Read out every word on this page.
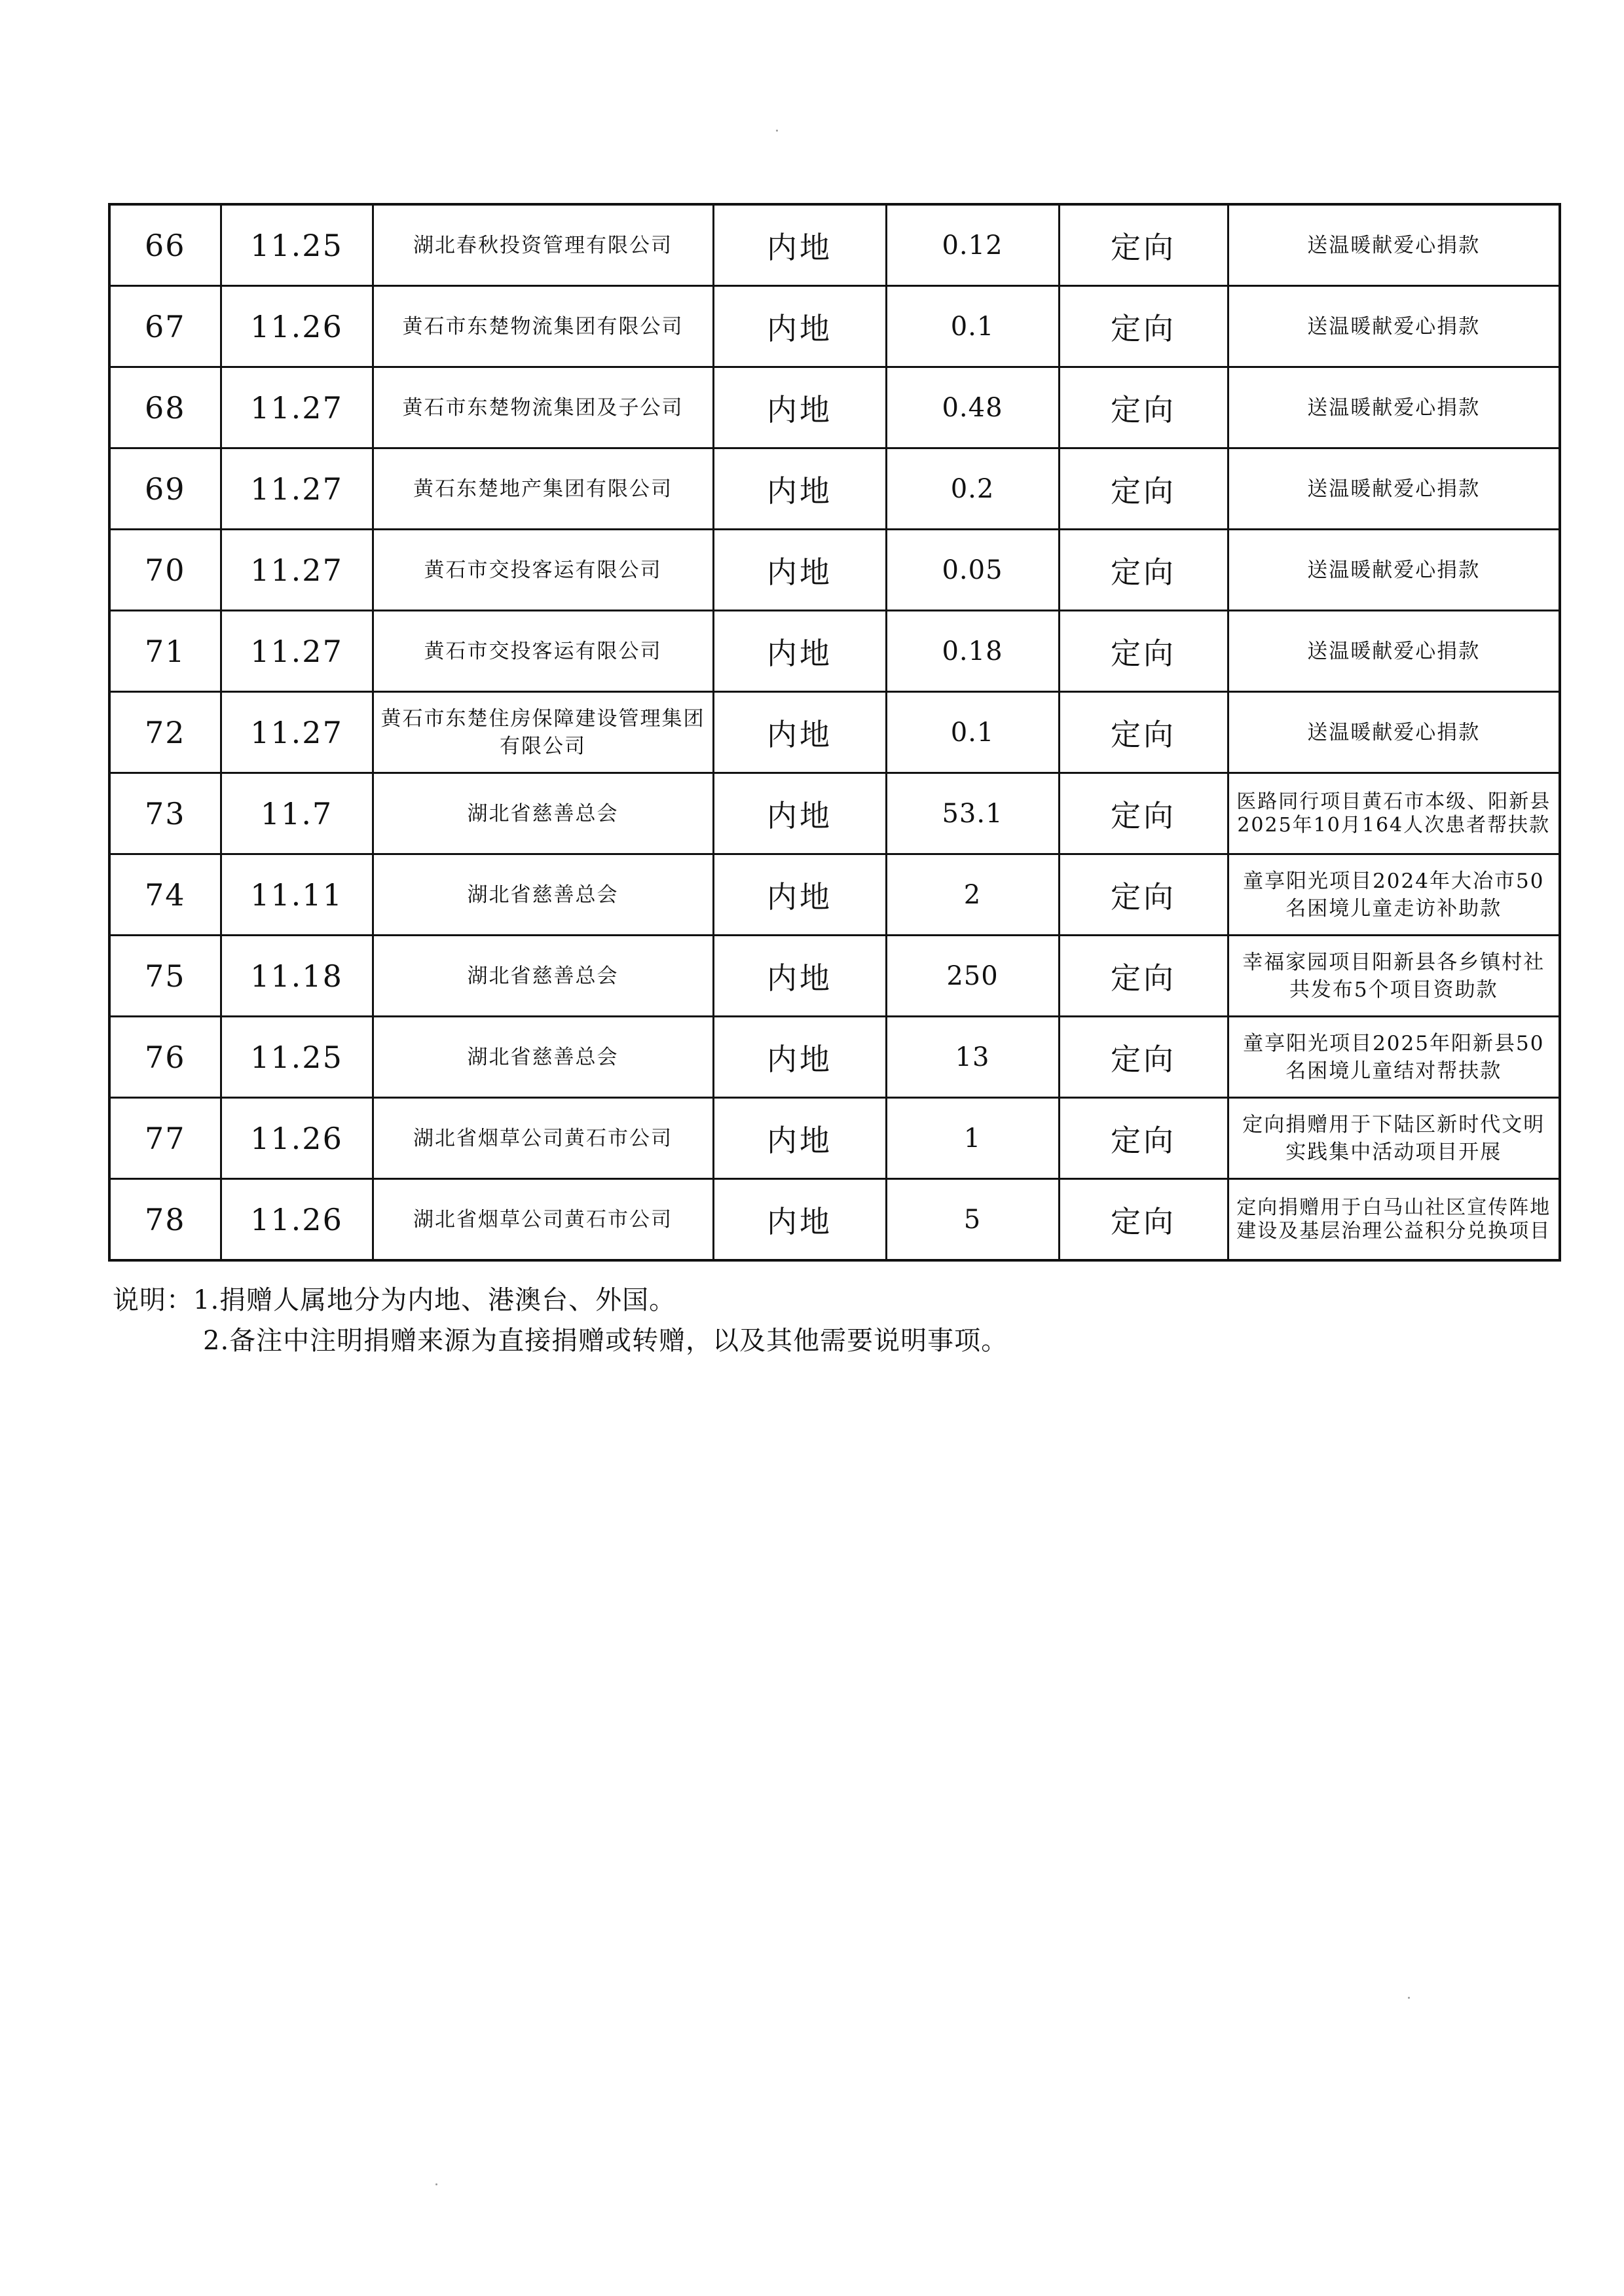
66	11.25	湖北春秋投资管理有限公司	内地	0.12	定向	送温暖献爱心捐款
67	11.26	黄石市东楚物流集团有限公司	内地	0.1	定向	送温暖献爱心捐款
68	11.27	黄石市东楚物流集团及子公司	内地	0.48	定向	送温暖献爱心捐款
69	11.27	黄石东楚地产集团有限公司	内地	0.2	定向	送温暖献爱心捐款
70	11.27	黄石市交投客运有限公司	内地	0.05	定向	送温暖献爱心捐款
71	11.27	黄石市交投客运有限公司	内地	0.18	定向	送温暖献爱心捐款
72	11.27	黄石市东楚住房保障建设管理集团有限公司	内地	0.1	定向	送温暖献爱心捐款
73	11.7	湖北省慈善总会	内地	53.1	定向	医路同行项目黄石市本级、阳新县2025年10月164人次患者帮扶款
74	11.11	湖北省慈善总会	内地	2	定向	童享阳光项目2024年大冶市50名困境儿童走访补助款
75	11.18	湖北省慈善总会	内地	250	定向	幸福家园项目阳新县各乡镇村社共发布5个项目资助款
76	11.25	湖北省慈善总会	内地	13	定向	童享阳光项目2025年阳新县50名困境儿童结对帮扶款
77	11.26	湖北省烟草公司黄石市公司	内地	1	定向	定向捐赠用于下陆区新时代文明实践集中活动项目开展
78	11.26	湖北省烟草公司黄石市公司	内地	5	定向	定向捐赠用于白马山社区宣传阵地建设及基层治理公益积分兑换项目
说明：1.捐赠人属地分为内地、港澳台、外国。
2.备注中注明捐赠来源为直接捐赠或转赠，以及其他需要说明事项。
